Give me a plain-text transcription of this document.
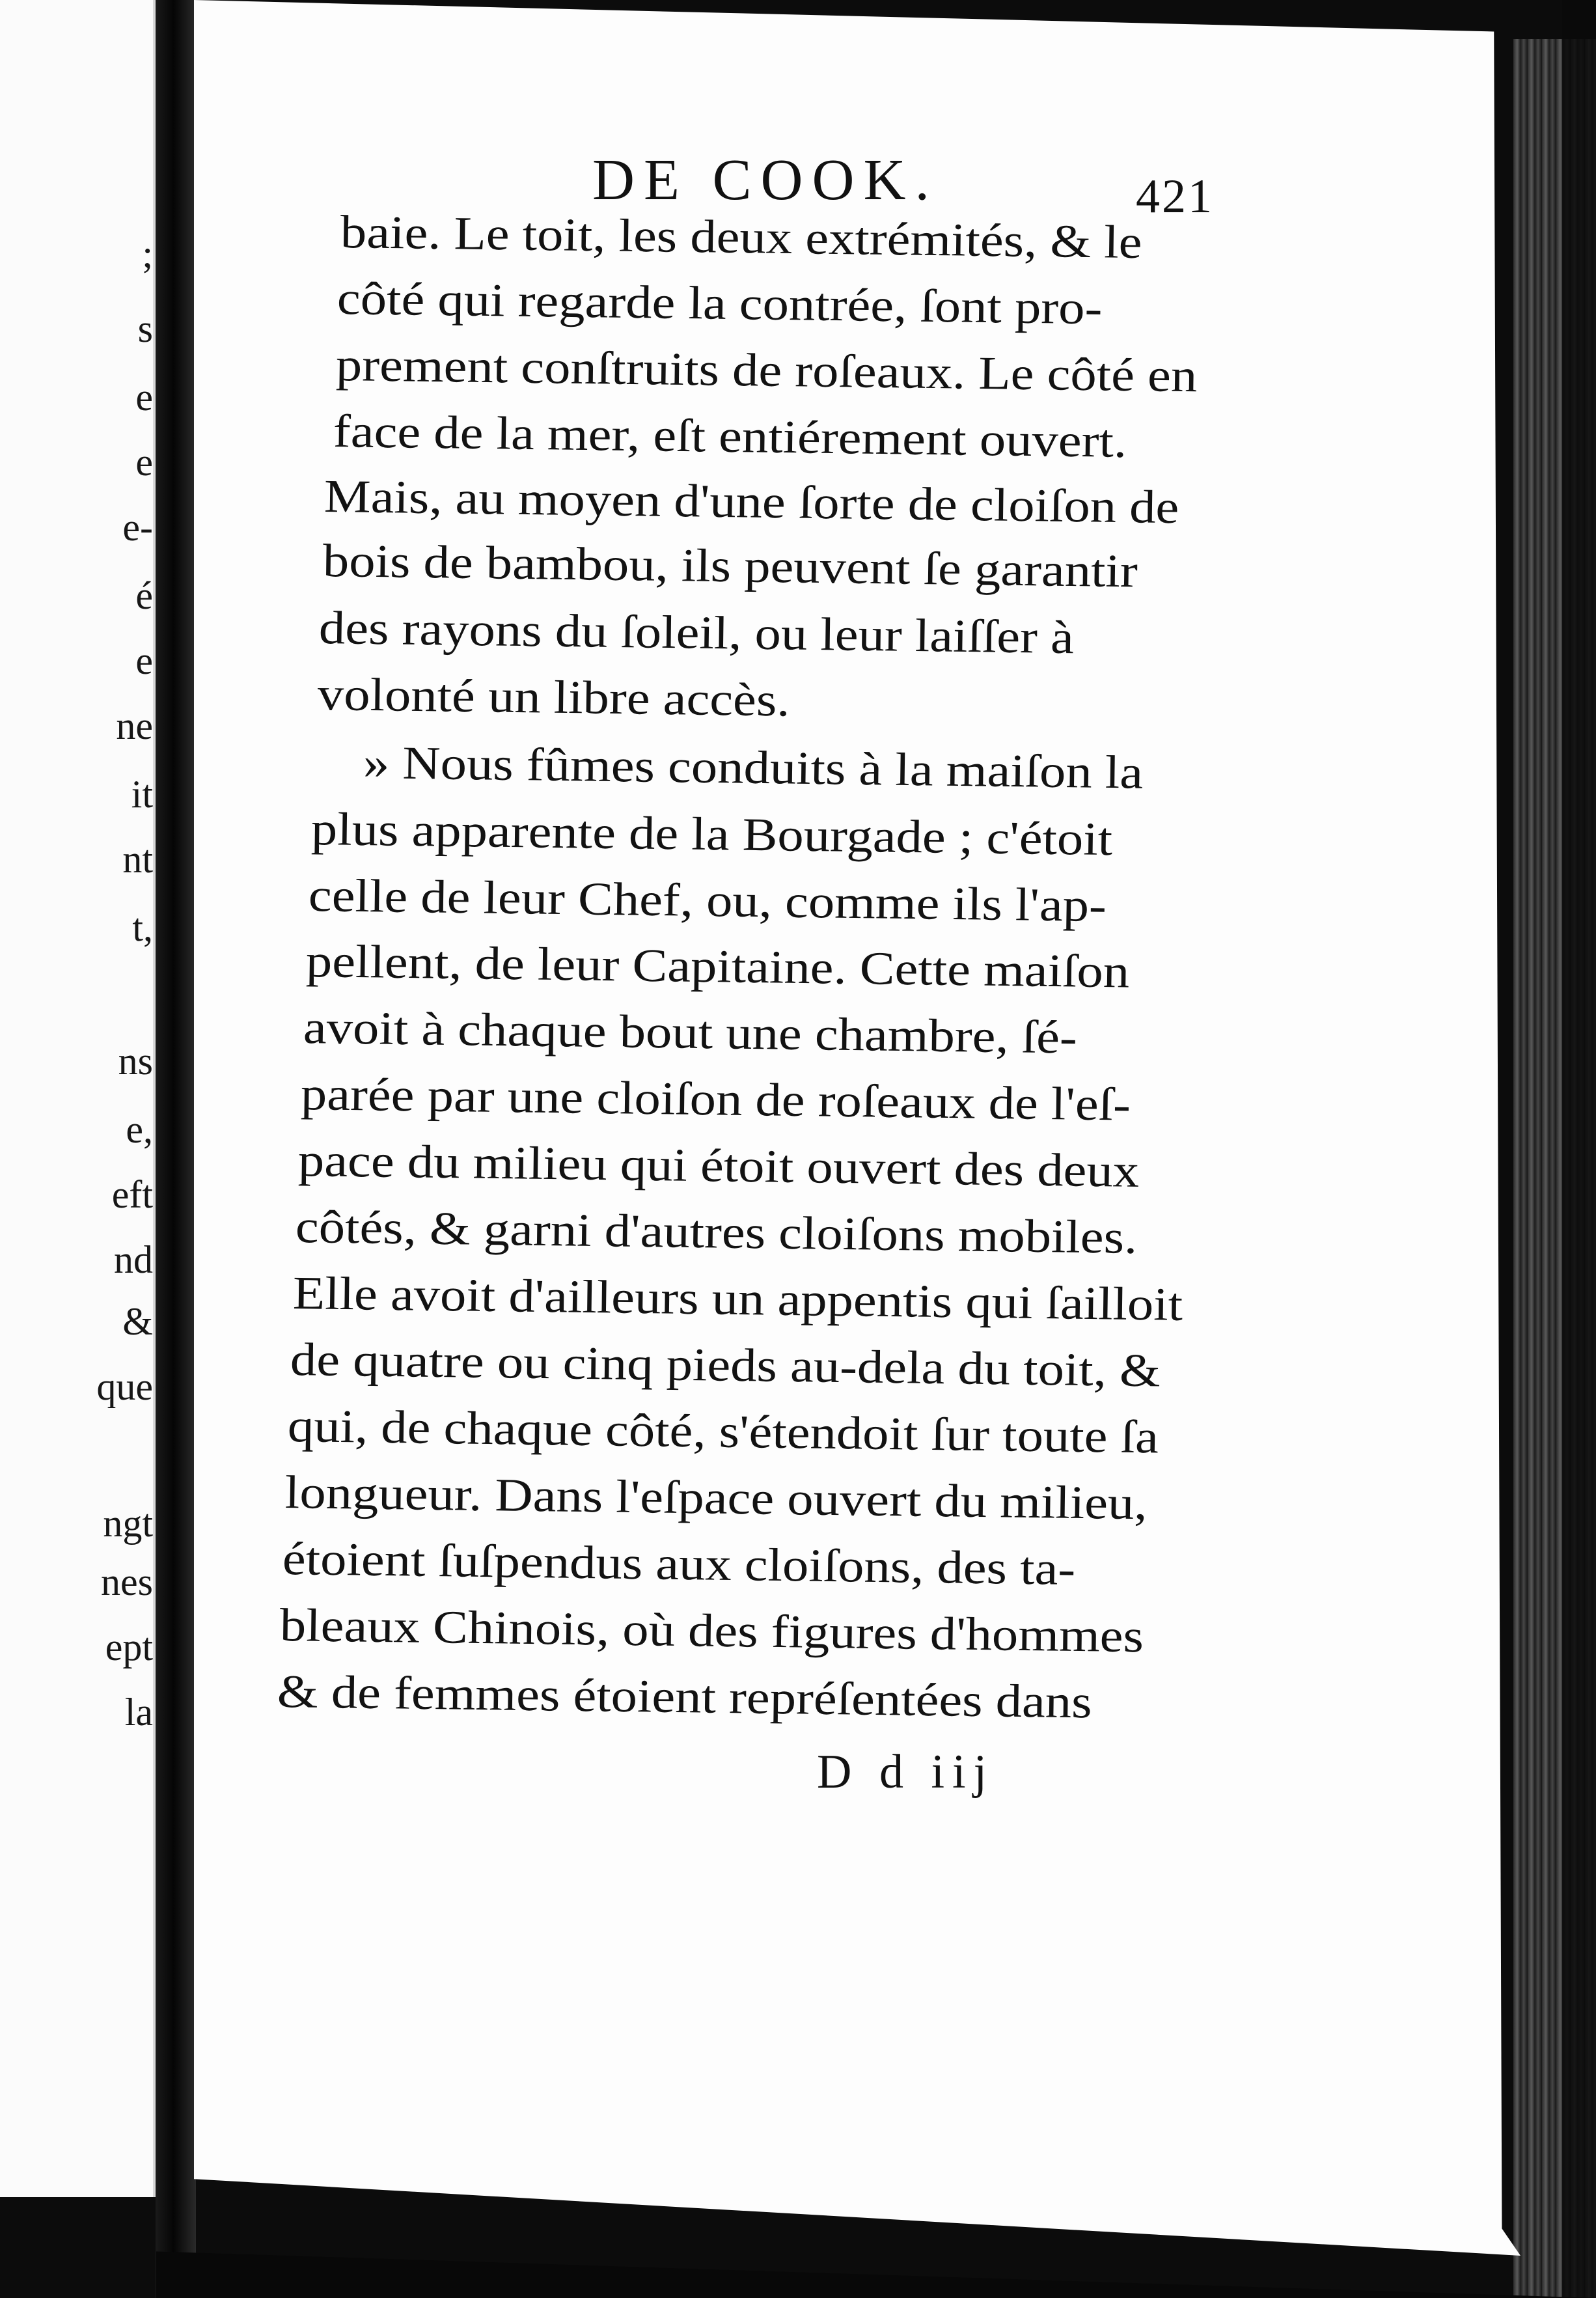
;
s
e
e
e-
é
e
ne
it
nt
t,
ns
e,
eft
nd
&
que
ngt
nes
ept
la
DE COOK.	421
baie. Le toit, les deux extrémités, & le
côté qui regarde la contrée, ſont pro-
prement conſtruits de roſeaux. Le côté en
face de la mer, eſt entiérement ouvert.
Mais, au moyen d'une ſorte de cloiſon de
bois de bambou, ils peuvent ſe garantir
des rayons du ſoleil, ou leur laiſſer à
volonté un libre accès.
» Nous fûmes conduits à la maiſon la
plus apparente de la Bourgade ; c'étoit
celle de leur Chef, ou, comme ils l'ap-
pellent, de leur Capitaine. Cette maiſon
avoit à chaque bout une chambre, ſé-
parée par une cloiſon de roſeaux de l'eſ-
pace du milieu qui étoit ouvert des deux
côtés, & garni d'autres cloiſons mobiles.
Elle avoit d'ailleurs un appentis qui ſailloit
de quatre ou cinq pieds au-dela du toit, &
qui, de chaque côté, s'étendoit ſur toute ſa
longueur. Dans l'eſpace ouvert du milieu,
étoient ſuſpendus aux cloiſons, des ta-
bleaux Chinois, où des figures d'hommes
& de femmes étoient repréſentées dans
D d iij
